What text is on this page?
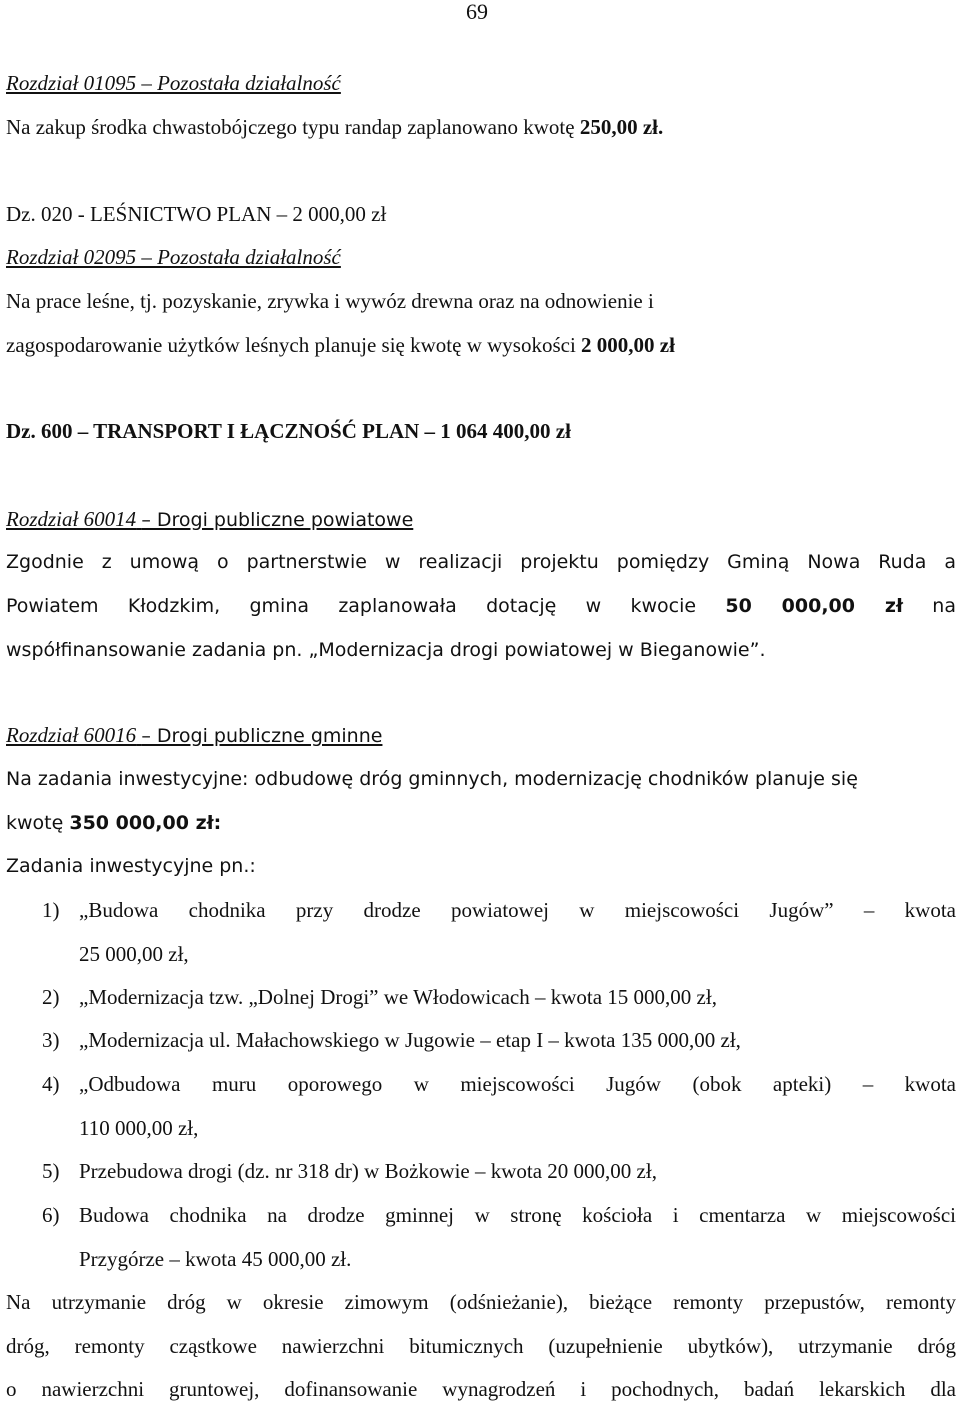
69
Rozdział 01095 – Pozostała działalność
Na zakup środka chwastobójczego typu randap zaplanowano kwotę 250,00 zł.
Dz. 020 - LEŚNICTWO PLAN – 2 000,00 zł
Rozdział 02095 – Pozostała działalność
Na prace leśne, tj. pozyskanie, zrywka i wywóz drewna oraz na odnowienie i
zagospodarowanie użytków leśnych planuje się kwotę w wysokości 2 000,00 zł
Dz. 600 – TRANSPORT I ŁĄCZNOŚĆ PLAN – 1 064 400,00 zł
Rozdział 60014 – Drogi publiczne powiatowe
Zgodnie z umową o partnerstwie w realizacji projektu pomiędzy Gminą Nowa Ruda a
Powiatem Kłodzkim, gmina zaplanowała dotację w kwocie 50 000,00 zł na
współfinansowanie zadania pn. „Modernizacja drogi powiatowej w Bieganowie”.
Rozdział 60016 – Drogi publiczne gminne
Na zadania inwestycyjne: odbudowę dróg gminnych, modernizację chodników planuje się
kwotę 350 000,00 zł:
Zadania inwestycyjne pn.:
1) „Budowa chodnika przy drodze powiatowej w miejscowości Jugów” – kwota
25 000,00 zł,
2) „Modernizacja tzw. „Dolnej Drogi” we Włodowicach – kwota 15 000,00 zł,
3) „Modernizacja ul. Małachowskiego w Jugowie – etap I – kwota 135 000,00 zł,
4) „Odbudowa muru oporowego w miejscowości Jugów (obok apteki) – kwota
110 000,00 zł,
5) Przebudowa drogi (dz. nr 318 dr) w Bożkowie – kwota 20 000,00 zł,
6) Budowa chodnika na drodze gminnej w stronę kościoła i cmentarza w miejscowości
Przygórze – kwota 45 000,00 zł.
Na utrzymanie dróg w okresie zimowym (odśnieżanie), bieżące remonty przepustów, remonty
dróg, remonty cząstkowe nawierzchni bitumicznych (uzupełnienie ubytków), utrzymanie dróg
o nawierzchni gruntowej, dofinansowanie wynagrodzeń i pochodnych, badań lekarskich dla
